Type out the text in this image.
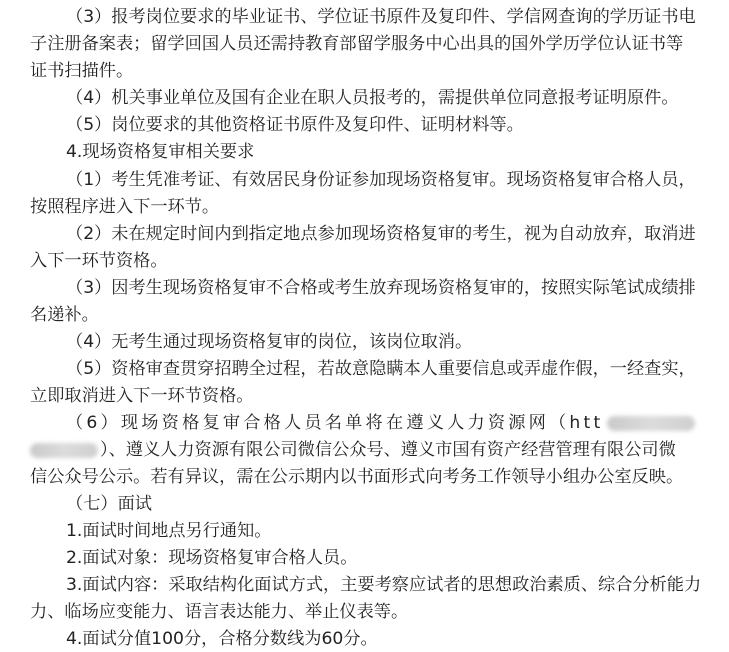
（3）报考岗位要求的毕业证书、学位证书原件及复印件、学信网查询的学历证书电
子注册备案表；留学回国人员还需持教育部留学服务中心出具的国外学历学位认证书等
证书扫描件。
（4）机关事业单位及国有企业在职人员报考的，需提供单位同意报考证明原件。
（5）岗位要求的其他资格证书原件及复印件、证明材料等。
4.现场资格复审相关要求
（1）考生凭准考证、有效居民身份证参加现场资格复审。现场资格复审合格人员，
按照程序进入下一环节。
（2）未在规定时间内到指定地点参加现场资格复审的考生，视为自动放弃，取消进
入下一环节资格。
（3）因考生现场资格复审不合格或考生放弃现场资格复审的，按照实际笔试成绩排
名递补。
（4）无考生通过现场资格复审的岗位，该岗位取消。
（5）资格审查贯穿招聘全过程，若故意隐瞒本人重要信息或弄虚作假，一经查实，
立即取消进入下一环节资格。
（6）现场资格复审合格人员名单将在遵义人力资源网（htt
）、遵义人力资源有限公司微信公众号、遵义市国有资产经营管理有限公司微
信公众号公示。若有异议，需在公示期内以书面形式向考务工作领导小组办公室反映。
（七）面试
1.面试时间地点另行通知。
2.面试对象：现场资格复审合格人员。
3.面试内容：采取结构化面试方式，主要考察应试者的思想政治素质、综合分析能力
力、临场应变能力、语言表达能力、举止仪表等。
4.面试分值100分，合格分数线为60分。
